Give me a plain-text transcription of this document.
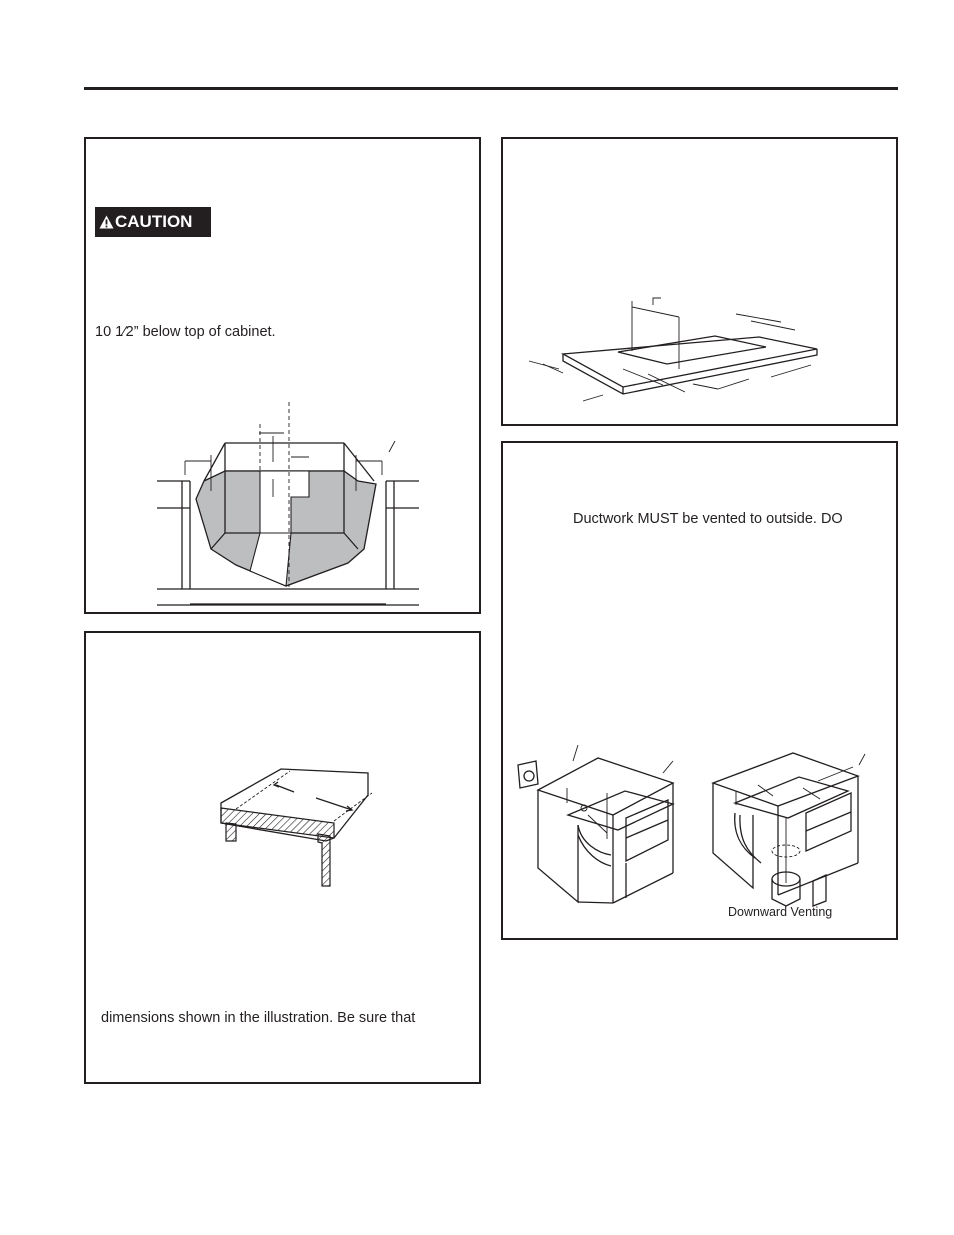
CAUTION
10 1⁄2” below top of cabinet.
dimensions shown in the illustration. Be sure that
Ductwork MUST be vented to outside. DO
Downward Venting
